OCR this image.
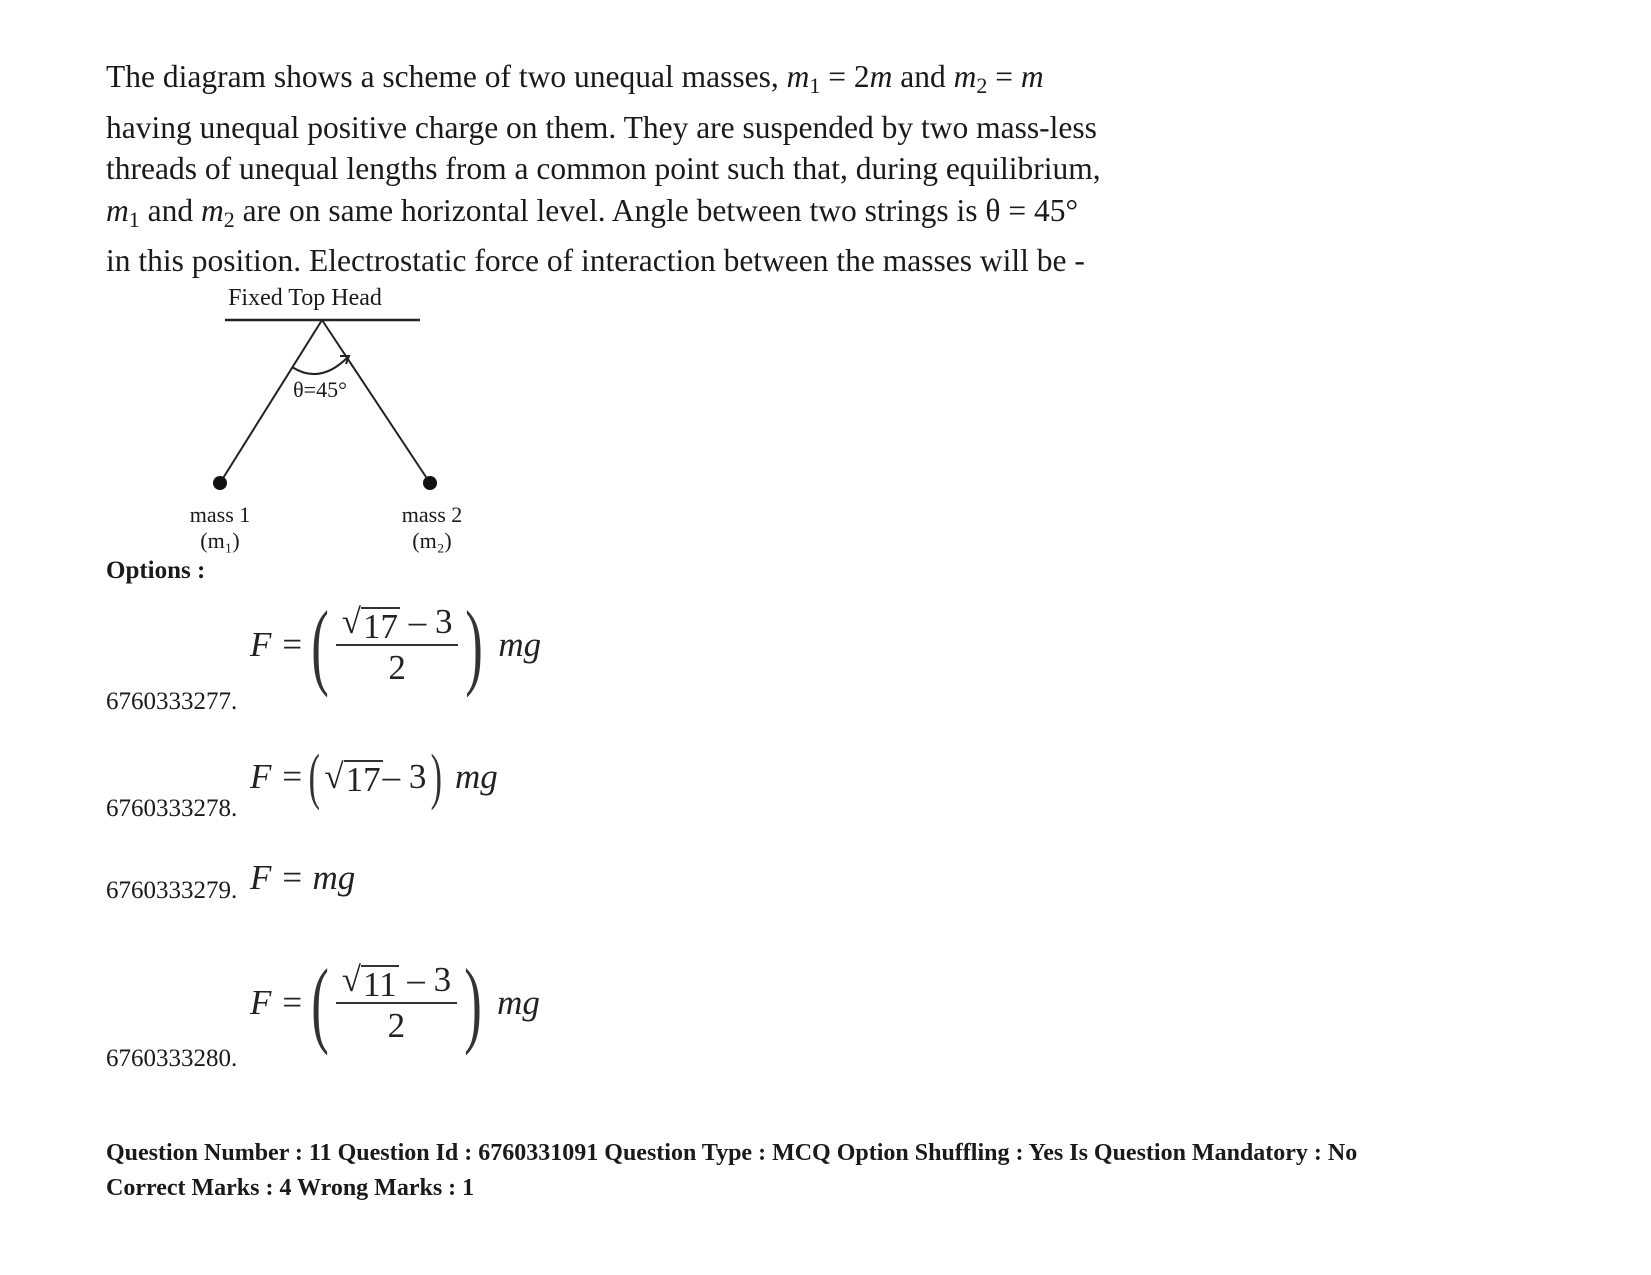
The diagram shows a scheme of two unequal masses, $m_1 = 2m$ and $m_2 = m$
having unequal positive charge on them. They are suspended by two mass-less
threads of unequal lengths from a common point such that, during equilibrium,
$m_1$ and $m_2$ are on same horizontal level. Angle between two strings is θ = 45°
in this position. Electrostatic force of interaction between the masses will be -
Fixed Top Head
θ=45°
mass 1
(m₁)
mass 2
(m₂)
Options :
F = ( $\frac{√ 17 - 3}{2}$ ) mg
6760333277.
F = ( √ 17 – 3 ) mg
6760333278.
F = mg
6760333279.
F = ( $\frac{√ 11 - 3}{2}$ ) mg
6760333280.
Question Number : 11 Question Id : 6760331091 Question Type : MCQ Option Shuffling : Yes Is Question Mandatory : No
Correct Marks : 4 Wrong Marks : 1
